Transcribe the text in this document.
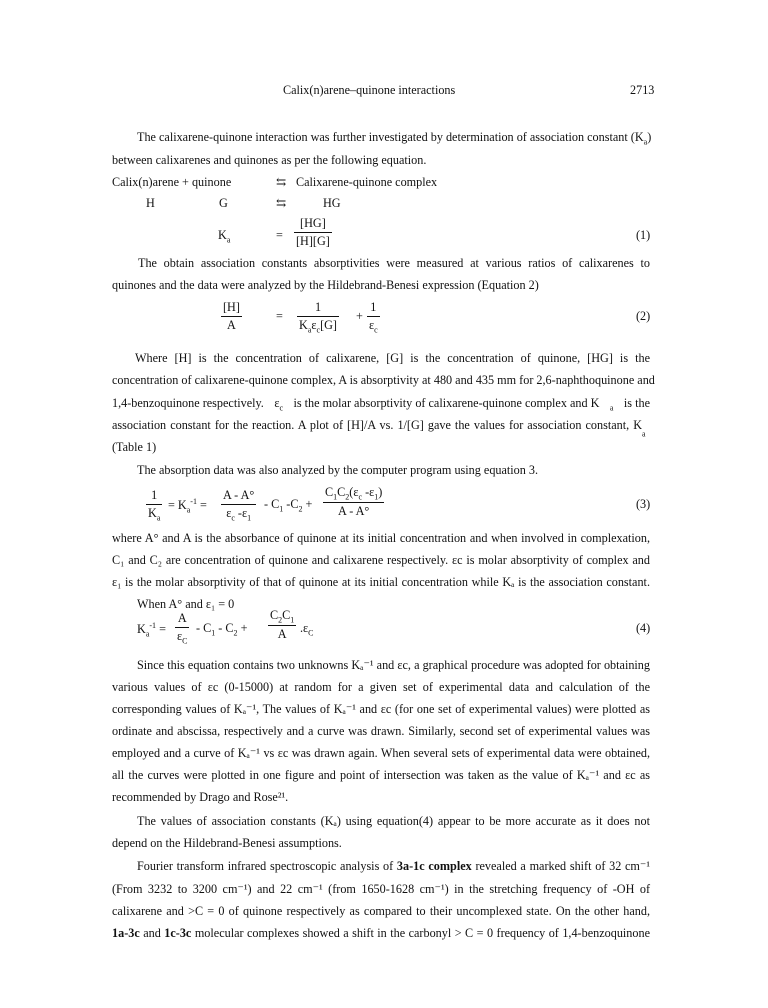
Calix(n)arene–quinone interactions	2713
The calixarene-quinone interaction was further investigated by determination of association constant $(K_a)$
between calixarenes and quinones as per the following equation.
Calix(n)arene + quinone	⇆ Calixarene-quinone complex
H	G	⇆	HG
$K_a$	=
[HG]
[H][G]	(1)
The obtain association constants absorptivities were measured at various ratios of calixarenes to
quinones and the data were analyzed by the Hildebrand-Benesi expression (Equation 2)
[H]
A
=
1
$K_a\varepsilon_c[G]$
+
1
$\varepsilon_c$
(2)
Where [H] is the concentration of calixarene, [G] is the concentration of quinone, [HG] is the
concentration of calixarene-quinone complex, A is absorptivity at 480 and 435 mm for 2,6-naphthoquinone and
1,4-benzoquinone respectively. $\varepsilon_c$ is the molar absorptivity of calixarene-quinone complex and K $_a$ is the
association constant for the reaction. A plot of [H]/A vs. 1/[G] gave the values for association constant, K
$_a$
(Table 1)
The absorption data was also analyzed by the computer program using equation 3.
1
$K_a$
= $K_a^{-1}$ =
A - A°
$\varepsilon_c$ $-\varepsilon_1$
- $C_1$ $-C_2$ +
$C_1C_2(\varepsilon_c$ $-\varepsilon_1$)
A - A°
(3)
where A° and A is the absorbance of quinone at its initial concentration and when involved in complexation,
C₁ and C₂ are concentration of quinone and calixarene respectively. εc is molar absorptivity of complex and
ε₁ is the molar absorptivity of that of quinone at its initial concentration while Kₐ is the association constant.
When A° and ε₁ = 0
$K_a^{-1}$ =
A
$\varepsilon_C$
- $C_1 - C_2$ +
$C_2C_1$
A $.\varepsilon_C$	(4)
Since this equation contains two unknowns Kₐ⁻¹ and εc, a graphical procedure was adopted for obtaining
various values of εc (0-15000) at random for a given set of experimental data and calculation of the
corresponding values of Kₐ⁻¹, The values of Kₐ⁻¹ and εc (for one set of experimental values) were plotted as
ordinate and abscissa, respectively and a curve was drawn. Similarly, second set of experimental values was
employed and a curve of Kₐ⁻¹ vs εc was drawn again. When several sets of experimental data were obtained,
all the curves were plotted in one figure and point of intersection was taken as the value of Kₐ⁻¹ and εc as
recommended by Drago and Rose²¹.
The values of association constants (Kₐ) using equation(4) appear to be more accurate as it does not
depend on the Hildebrand-Benesi assumptions.
Fourier transform infrared spectroscopic analysis of 3a-1c complex revealed a marked shift of 32 cm⁻¹
(From 3232 to 3200 cm⁻¹) and 22 cm⁻¹ (from 1650-1628 cm⁻¹) in the stretching frequency of -OH of
calixarene and >C = 0 of quinone respectively as compared to their uncomplexed state. On the other hand,
1a-3c and 1c-3c molecular complexes showed a shift in the carbonyl > C = 0 frequency of 1,4-benzoquinone
